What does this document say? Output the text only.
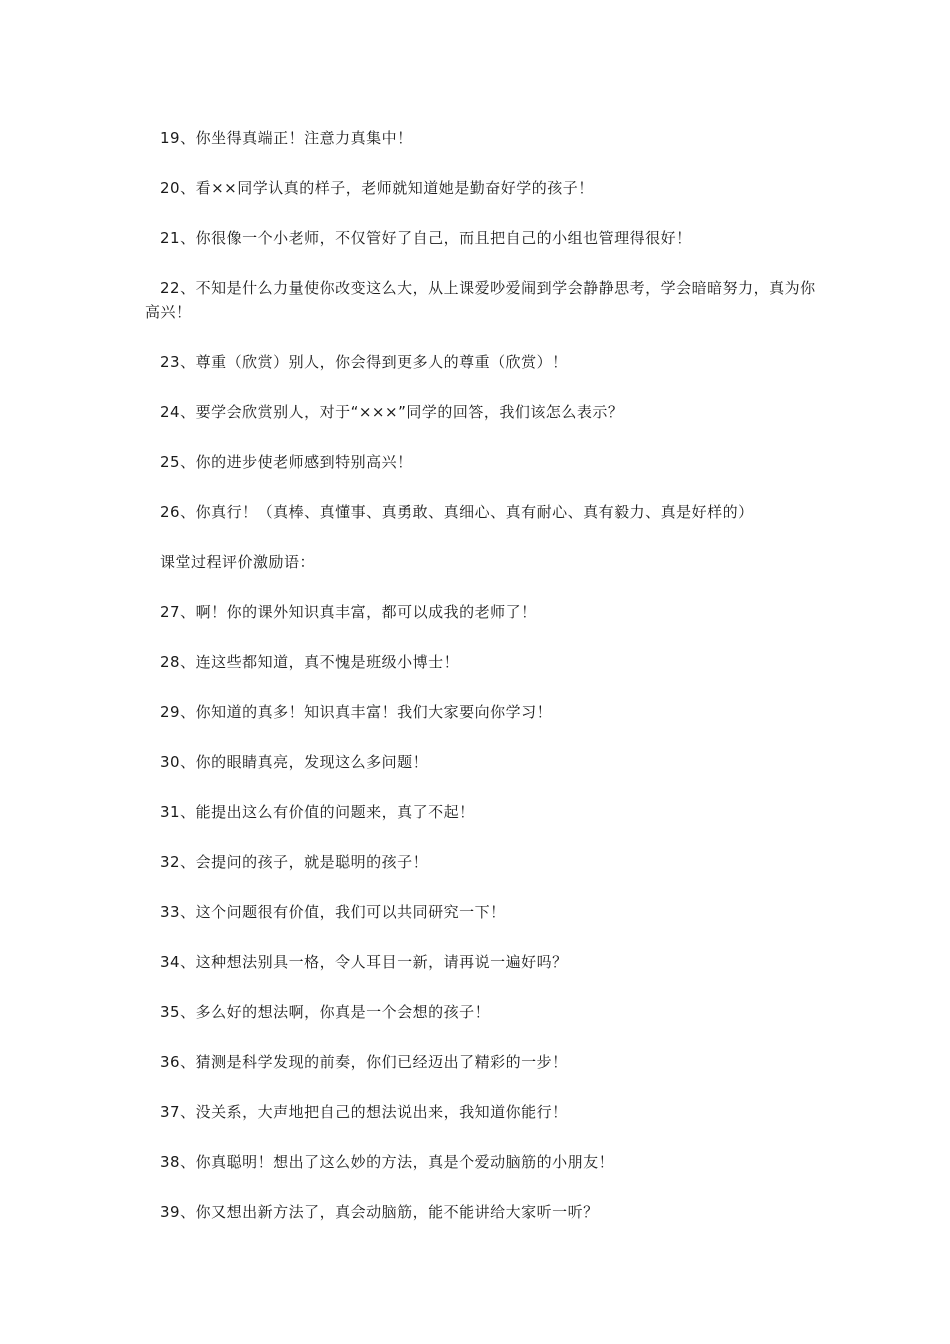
19、你坐得真端正！注意力真集中！

20、看××同学认真的样子，老师就知道她是勤奋好学的孩子！

21、你很像一个小老师，不仅管好了自己，而且把自己的小组也管理得很好！

22、不知是什么力量使你改变这么大，从上课爱吵爱闹到学会静静思考，学会暗暗努力，真为你高兴！

23、尊重（欣赏）别人，你会得到更多人的尊重（欣赏）！

24、要学会欣赏别人，对于“×××”同学的回答，我们该怎么表示？

25、你的进步使老师感到特别高兴！

26、你真行！（真棒、真懂事、真勇敢、真细心、真有耐心、真有毅力、真是好样的）

课堂过程评价激励语：

27、啊！你的课外知识真丰富，都可以成我的老师了！

28、连这些都知道，真不愧是班级小博士！

29、你知道的真多！知识真丰富！我们大家要向你学习！

30、你的眼睛真亮，发现这么多问题！

31、能提出这么有价值的问题来，真了不起！

32、会提问的孩子，就是聪明的孩子！

33、这个问题很有价值，我们可以共同研究一下！

34、这种想法别具一格，令人耳目一新，请再说一遍好吗？

35、多么好的想法啊，你真是一个会想的孩子！

36、猜测是科学发现的前奏，你们已经迈出了精彩的一步！

37、没关系，大声地把自己的想法说出来，我知道你能行！

38、你真聪明！想出了这么妙的方法，真是个爱动脑筋的小朋友！

39、你又想出新方法了，真会动脑筋，能不能讲给大家听一听？
